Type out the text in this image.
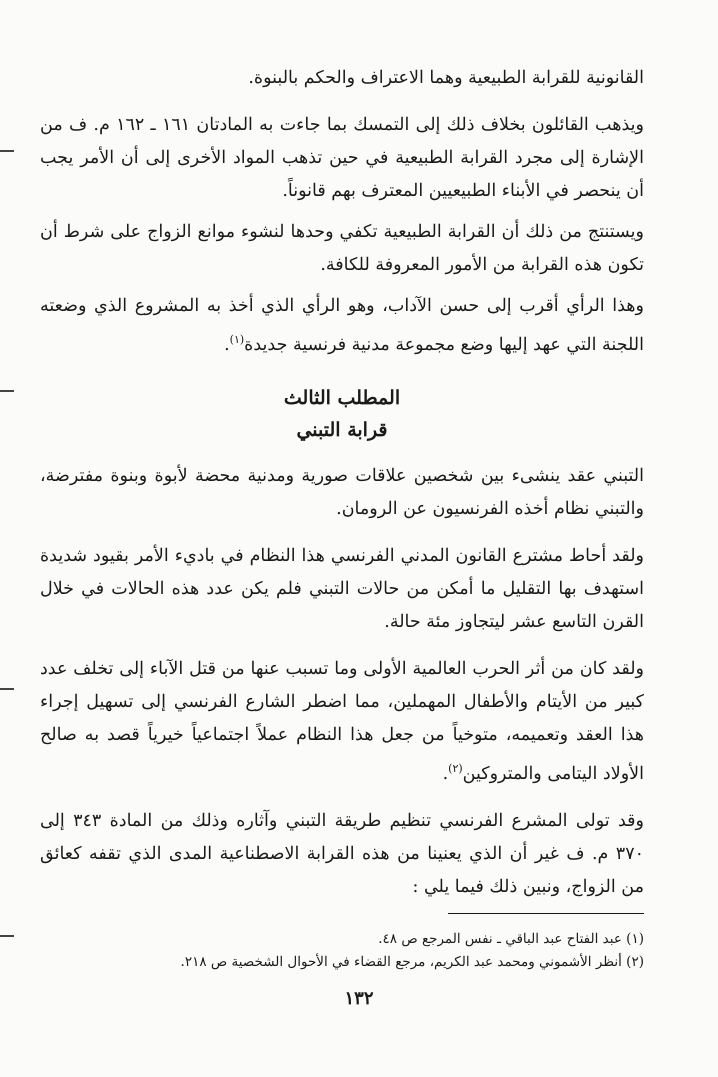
القانونية للقرابة الطبيعية وهما الاعتراف والحكم بالبنوة.

ويذهب القائلون بخلاف ذلك إلى التمسك بما جاءت به المادتان ١٦١ ـ ١٦٢ م. ف من الإشارة إلى مجرد القرابة الطبيعية في حين تذهب المواد الأخرى إلى أن الأمر يجب أن ينحصر في الأبناء الطبيعيين المعترف بهم قانوناً.

ويستنتج من ذلك أن القرابة الطبيعية تكفي وحدها لنشوء موانع الزواج على شرط أن تكون هذه القرابة من الأمور المعروفة للكافة.

وهذا الرأي أقرب إلى حسن الآداب، وهو الرأي الذي أخذ به المشروع الذي وضعته اللجنة التي عهد إليها وضع مجموعة مدنية فرنسية جديدة$^{(١)}$.

المطلب الثالث

قرابة التبني

التبني عقد ينشىء بين شخصين علاقات صورية ومدنية محضة لأبوة وبنوة مفترضة، والتبني نظام أخذه الفرنسيون عن الرومان.

ولقد أحاط مشترع القانون المدني الفرنسي هذا النظام في باديء الأمر بقيود شديدة استهدف بها التقليل ما أمكن من حالات التبني فلم يكن عدد هذه الحالات في خلال القرن التاسع عشر ليتجاوز مئة حالة.

ولقد كان من أثر الحرب العالمية الأولى وما تسبب عنها من قتل الآباء إلى تخلف عدد كبير من الأيتام والأطفال المهملين، مما اضطر الشارع الفرنسي إلى تسهيل إجراء هذا العقد وتعميمه، متوخياً من جعل هذا النظام عملاً اجتماعياً خيرياً قصد به صالح الأولاد اليتامى والمتروكين$^{(٢)}$.

وقد تولى المشرع الفرنسي تنظيم طريقة التبني وآثاره وذلك من المادة ٣٤٣ إلى ٣٧٠ م. ف غير أن الذي يعنينا من هذه القرابة الاصطناعية المدى الذي تقفه كعائق من الزواج، ونبين ذلك فيما يلي :

(١) عبد الفتاح عبد الباقي ـ نفس المرجع ص ٤٨.

(٢) أنظر الأشموني ومحمد عبد الكريم، مرجع القضاء في الأحوال الشخصية ص ٢١٨.

١٣٢
